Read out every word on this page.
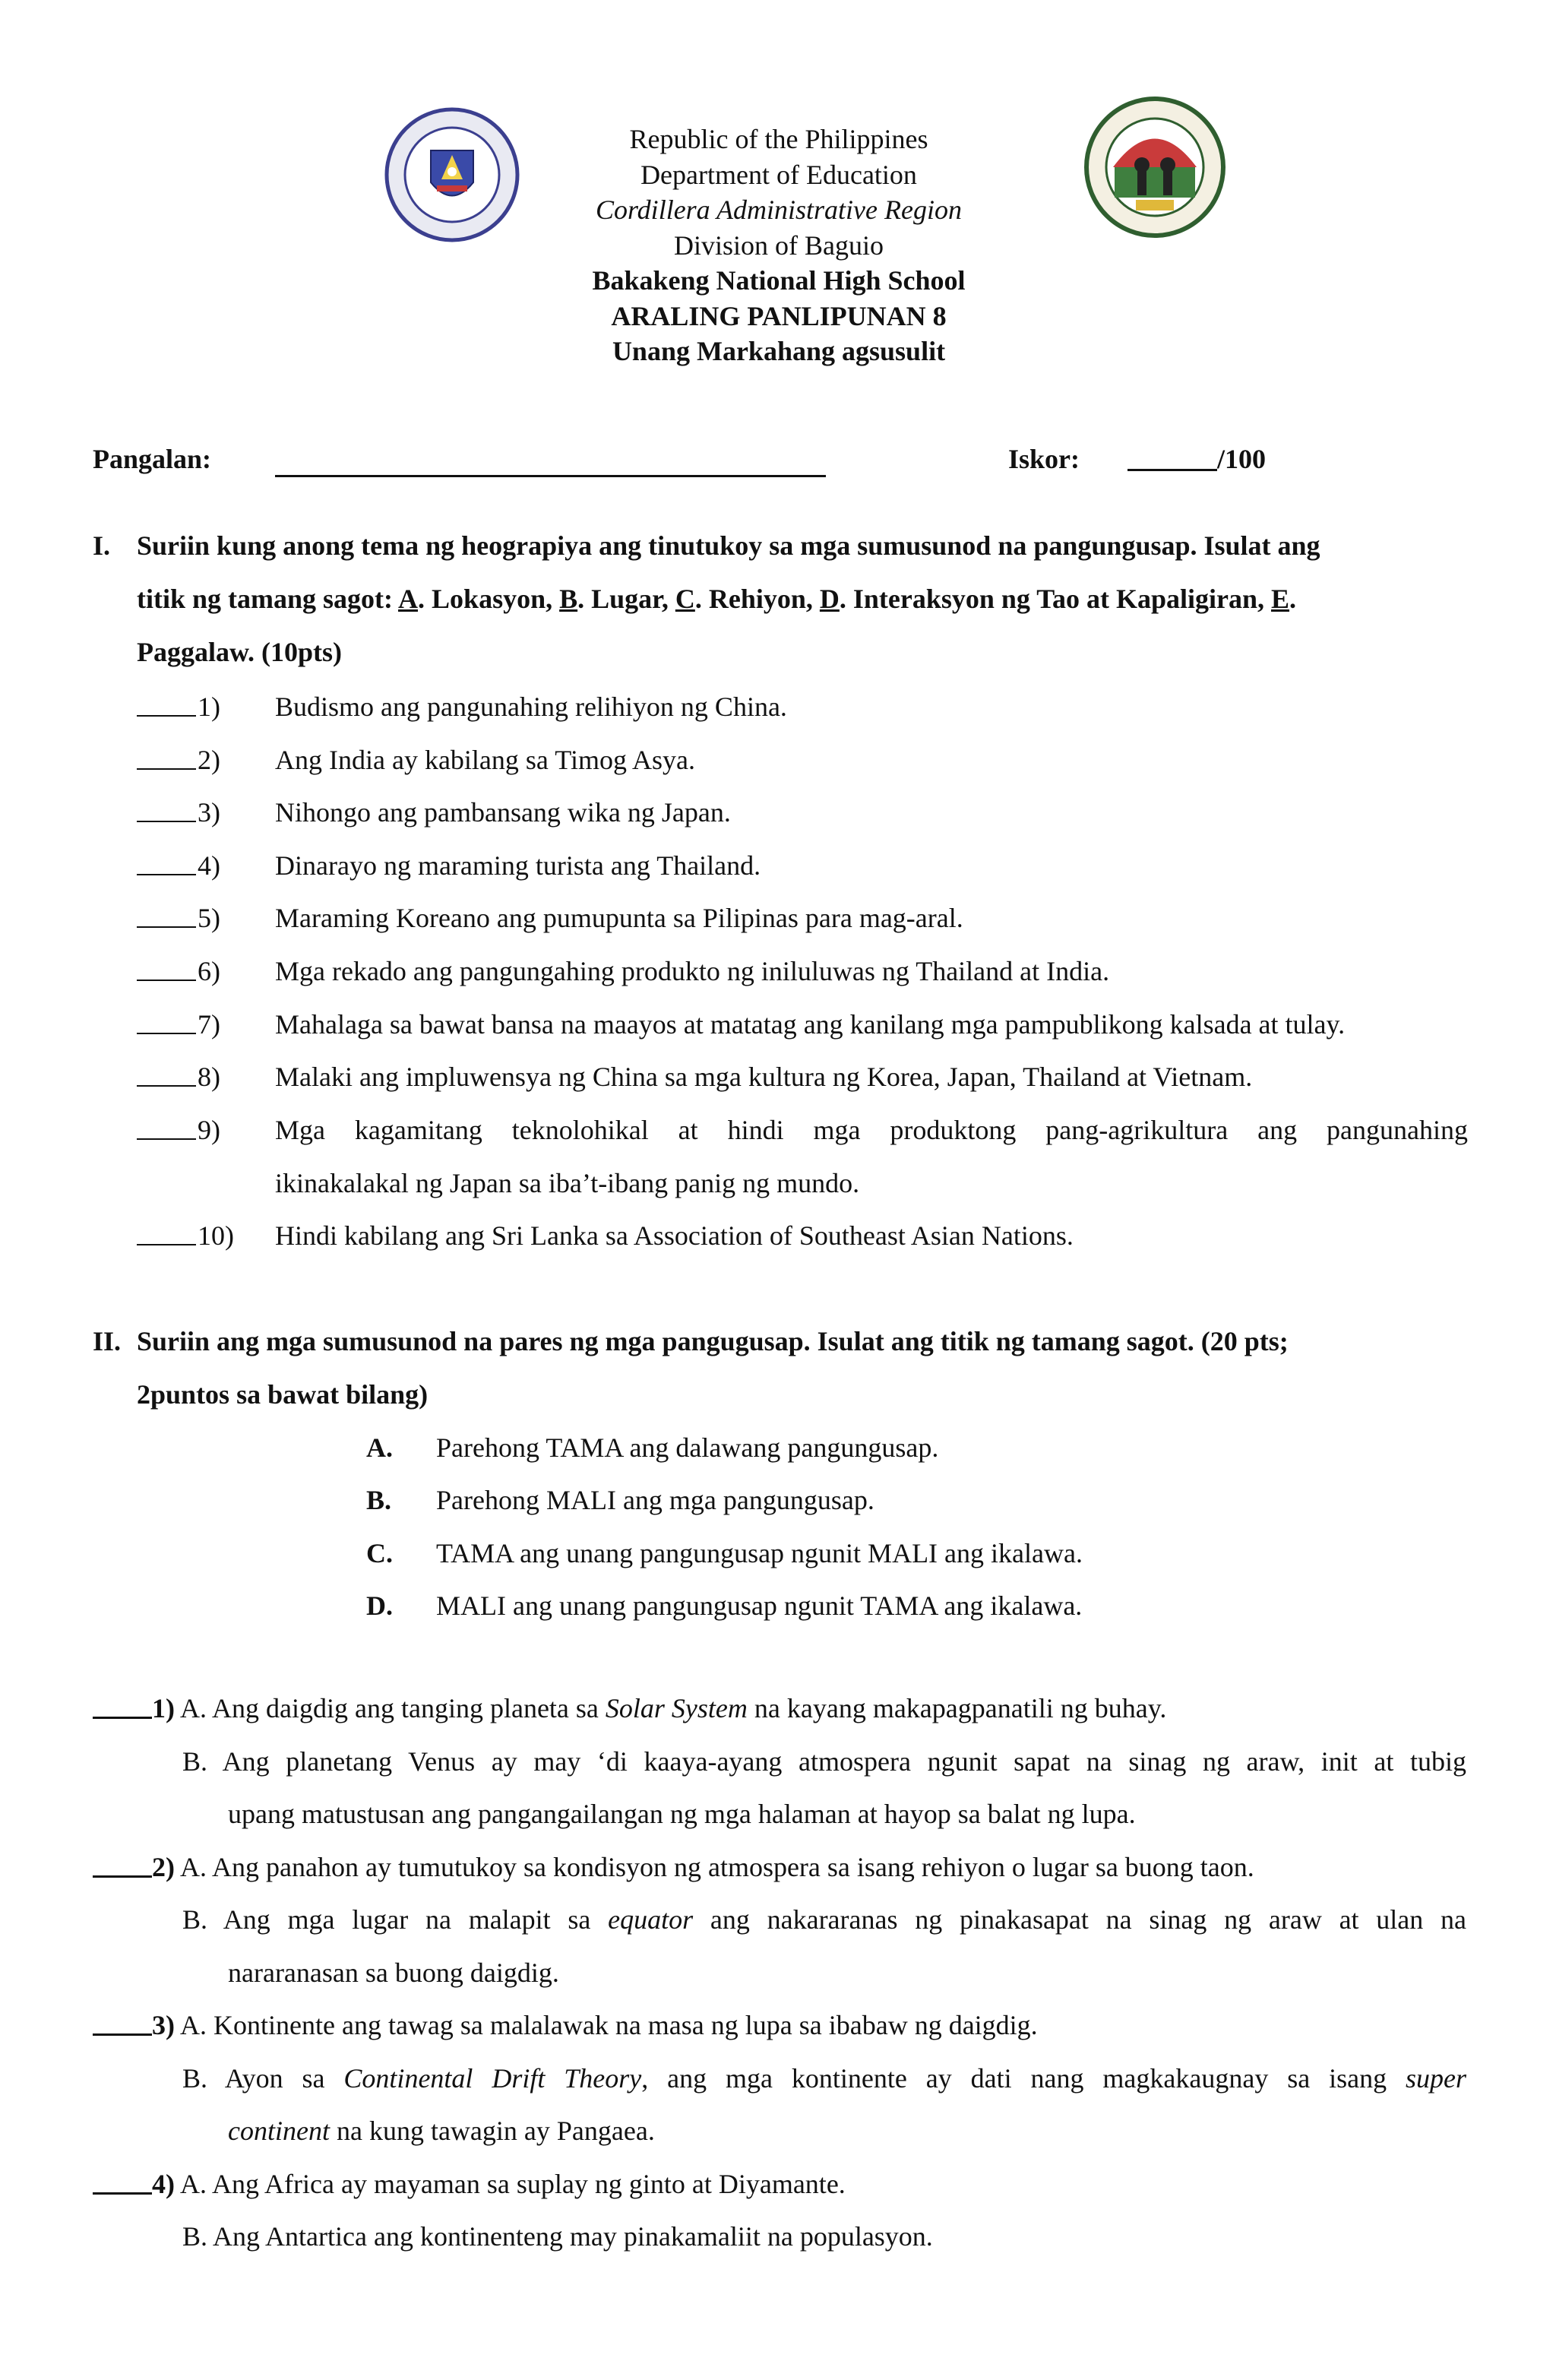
Republic of the Philippines
Department of Education
Cordillera Administrative Region
Division of Baguio
Bakakeng National High School
ARALING PANLIPUNAN 8
Unang Markahang agsusulit
Pangalan:	Iskor:	/100
I. Suriin kung anong tema ng heograpiya ang tinutukoy sa mga sumusunod na pangungusap. Isulat ang
titik ng tamang sagot: A. Lokasyon, B. Lugar, C. Rehiyon, D. Interaksyon ng Tao at Kapaligiran, E.
Paggalaw. (10pts)
1) Budismo ang pangunahing relihiyon ng China.
2) Ang India ay kabilang sa Timog Asya.
3) Nihongo ang pambansang wika ng Japan.
4) Dinarayo ng maraming turista ang Thailand.
5) Maraming Koreano ang pumupunta sa Pilipinas para mag-aral.
6) Mga rekado ang pangungahing produkto ng iniluluwas ng Thailand at India.
7) Mahalaga sa bawat bansa na maayos at matatag ang kanilang mga pampublikong kalsada at tulay.
8) Malaki ang impluwensya ng China sa mga kultura ng Korea, Japan, Thailand at Vietnam.
9) Mga kagamitang teknolohikal at hindi mga produktong pang-agrikultura ang pangunahing
ikinakalakal ng Japan sa iba’t-ibang panig ng mundo.
10) Hindi kabilang ang Sri Lanka sa Association of Southeast Asian Nations.
II. Suriin ang mga sumusunod na pares ng mga pangugusap. Isulat ang titik ng tamang sagot. (20 pts;
2puntos sa bawat bilang)
A. Parehong TAMA ang dalawang pangungusap.
B. Parehong MALI ang mga pangungusap.
C. TAMA ang unang pangungusap ngunit MALI ang ikalawa.
D. MALI ang unang pangungusap ngunit TAMA ang ikalawa.
1) A. Ang daigdig ang tanging planeta sa Solar System na kayang makapagpanatili ng buhay.
B. Ang planetang Venus ay may ‘di kaaya-ayang atmospera ngunit sapat na sinag ng araw, init at tubig
upang matustusan ang pangangailangan ng mga halaman at hayop sa balat ng lupa.
2) A. Ang panahon ay tumutukoy sa kondisyon ng atmospera sa isang rehiyon o lugar sa buong taon.
B. Ang mga lugar na malapit sa equator ang nakararanas ng pinakasapat na sinag ng araw at ulan na
nararanasan sa buong daigdig.
3) A. Kontinente ang tawag sa malalawak na masa ng lupa sa ibabaw ng daigdig.
B. Ayon sa Continental Drift Theory, ang mga kontinente ay dati nang magkakaugnay sa isang super
continent na kung tawagin ay Pangaea.
4) A. Ang Africa ay mayaman sa suplay ng ginto at Diyamante.
B. Ang Antartica ang kontinenteng may pinakamaliit na populasyon.
